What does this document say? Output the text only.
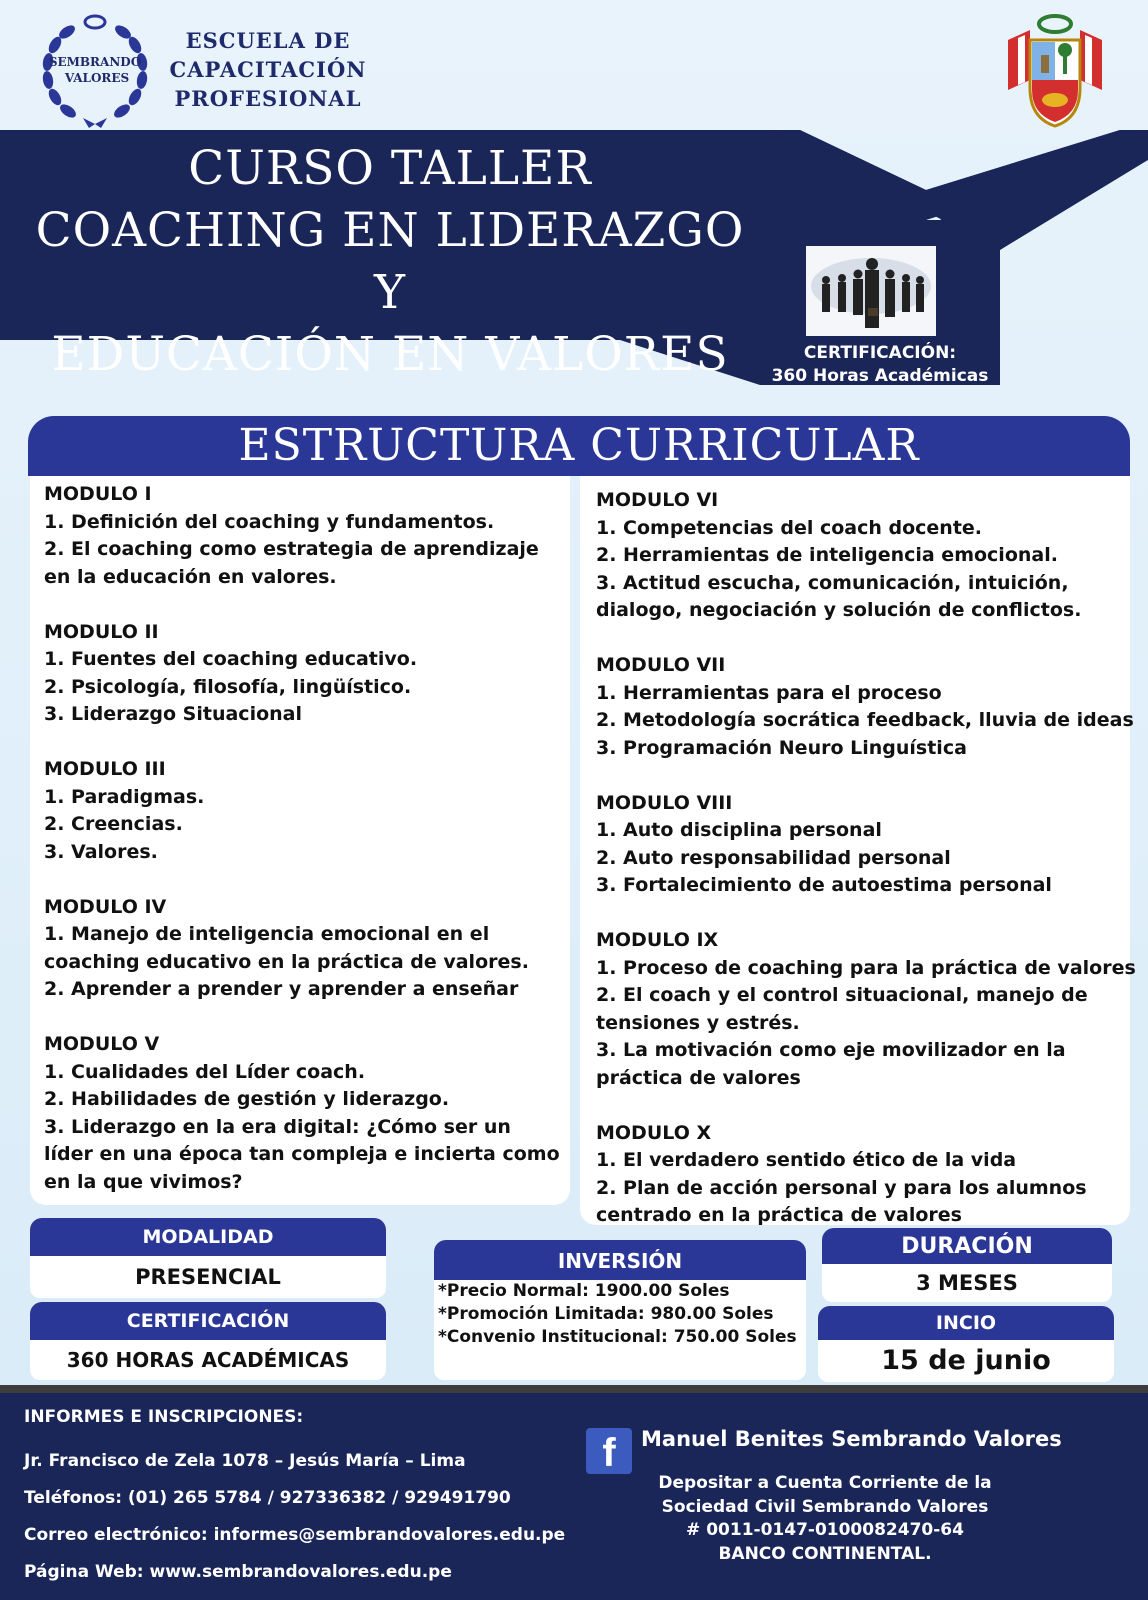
SEMBRANDO
VALORES
ESCUELA DE
CAPACITACIÓN
PROFESIONAL
CURSO TALLER
COACHING EN LIDERAZGO Y
EDUCACIÓN EN VALORES	CERTIFICACIÓN:
360 Horas Académicas
ESTRUCTURA CURRICULAR
MODULO I
1. Definición del coaching y fundamentos.
2. El coaching como estrategia de aprendizaje en la educación en valores.
MODULO II
1. Fuentes del coaching educativo.
2. Psicología, filosofía, lingüístico.
3. Liderazgo Situacional
MODULO III
1. Paradigmas.
2. Creencias.
3. Valores.
MODULO IV
1. Manejo de inteligencia emocional en el coaching educativo en la práctica de valores.
2. Aprender a prender y aprender a enseñar
MODULO V
1. Cualidades del Líder coach.
2. Habilidades de gestión y liderazgo.
3. Liderazgo en la era digital: ¿Cómo ser un líder en una época tan compleja e incierta como en la que vivimos?
MODULO VI
1. Competencias del coach docente.
2. Herramientas de inteligencia emocional.
3. Actitud escucha, comunicación, intuición, dialogo, negociación y solución de conflictos.
MODULO VII
1. Herramientas para el proceso
2. Metodología socrática feedback, lluvia de ideas
3. Programación Neuro Linguística
MODULO VIII
1. Auto disciplina personal
2. Auto responsabilidad personal
3. Fortalecimiento de autoestima personal
MODULO IX
1. Proceso de coaching para la práctica de valores
2. El coach y el control situacional, manejo de tensiones y estrés.
3. La motivación como eje movilizador en la práctica de valores
MODULO X
1. El verdadero sentido ético de la vida
2. Plan de acción personal y para los alumnos centrado en la práctica de valores
MODALIDAD
PRESENCIAL
CERTIFICACIÓN
360 HORAS ACADÉMICAS
INVERSIÓN
*Precio Normal: 1900.00 Soles
*Promoción Limitada: 980.00 Soles
*Convenio Institucional: 750.00 Soles
DURACIÓN
3 MESES
INCIO
15 de junio
INFORMES E INSCRIPCIONES:
Jr. Francisco de Zela 1078 – Jesús María – Lima
Teléfonos: (01) 265 5784 / 927336382 / 929491790
Correo electrónico: informes@sembrandovalores.edu.pe
Página Web: www.sembrandovalores.edu.pe
f	Manuel Benites Sembrando Valores
Depositar a Cuenta Corriente de la
Sociedad Civil Sembrando Valores
# 0011-0147-0100082470-64
BANCO CONTINENTAL.
